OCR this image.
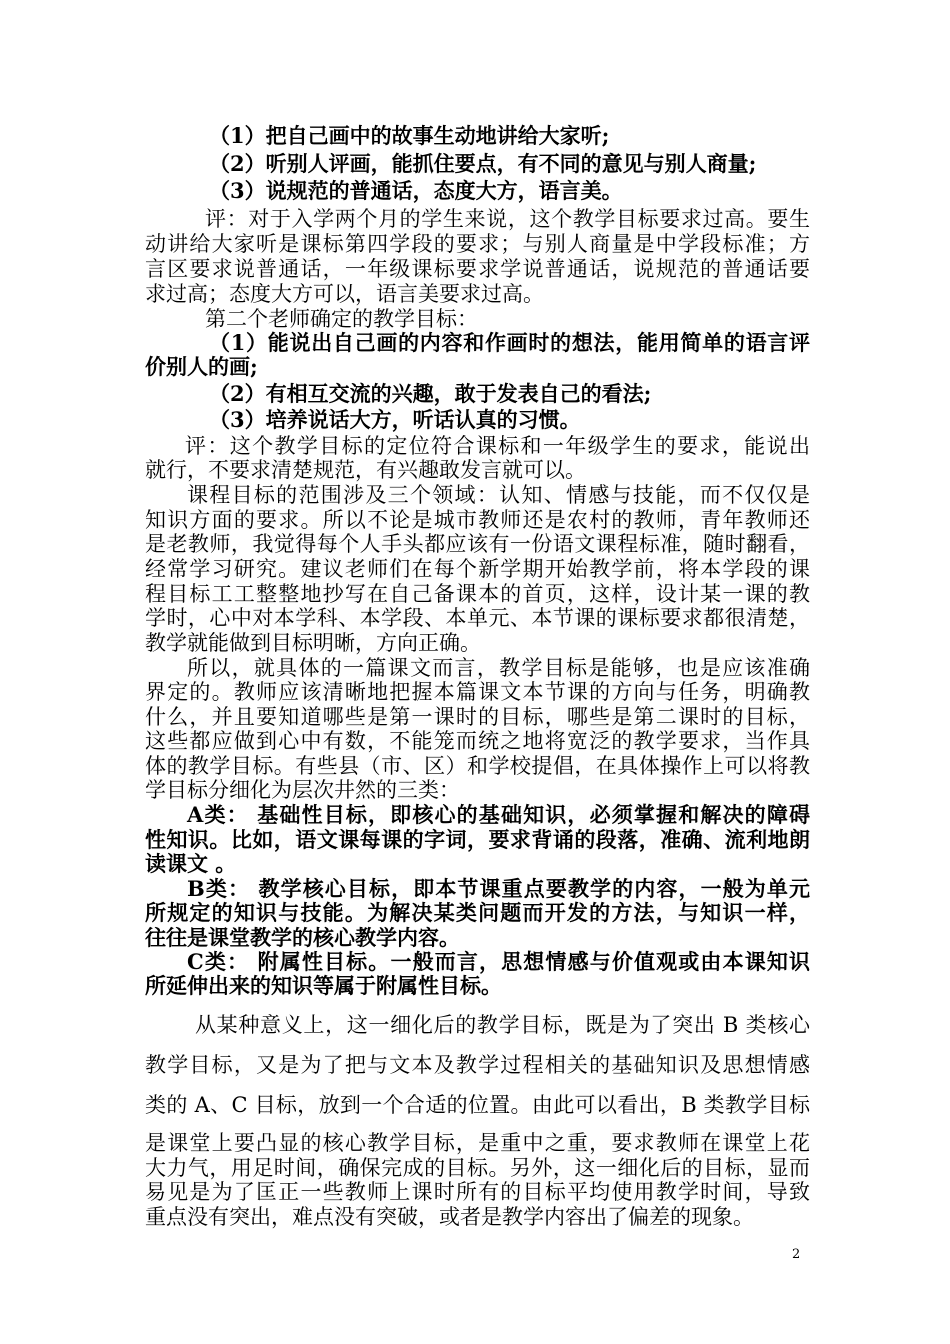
2
（1）把自己画中的故事生动地讲给大家听;
（2）听别人评画，能抓住要点，有不同的意见与别人商量;
（3）说规范的普通话，态度大方，语言美。
评：对于入学两个月的学生来说，这个教学目标要求过高。要生
动讲给大家听是课标第四学段的要求；与别人商量是中学段标准；方
言区要求说普通话，一年级课标要求学说普通话，说规范的普通话要
求过高；态度大方可以，语言美要求过高。
第二个老师确定的教学目标：
（1）能说出自己画的内容和作画时的想法，能用简单的语言评
价别人的画;
（2）有相互交流的兴趣，敢于发表自己的看法;
（3）培养说话大方，听话认真的习惯。
评：这个教学目标的定位符合课标和一年级学生的要求，能说出
就行，不要求清楚规范，有兴趣敢发言就可以。
课程目标的范围涉及三个领域：认知、情感与技能，而不仅仅是
知识方面的要求。所以不论是城市教师还是农村的教师，青年教师还
是老教师，我觉得每个人手头都应该有一份语文课程标准，随时翻看，
经常学习研究。建议老师们在每个新学期开始教学前，将本学段的课
程目标工工整整地抄写在自己备课本的首页，这样，设计某一课的教
学时，心中对本学科、本学段、本单元、本节课的课标要求都很清楚，
教学就能做到目标明晰，方向正确。
所以，就具体的一篇课文而言，教学目标是能够，也是应该准确
界定的。教师应该清晰地把握本篇课文本节课的方向与任务，明确教
什么，并且要知道哪些是第一课时的目标，哪些是第二课时的目标，
这些都应做到心中有数，不能笼而统之地将宽泛的教学要求，当作具
体的教学目标。有些县（市、区）和学校提倡，在具体操作上可以将教
学目标分细化为层次井然的三类：
A类： 基础性目标，即核心的基础知识，必须掌握和解决的障碍
性知识。比如，语文课每课的字词，要求背诵的段落，准确、流利地朗
读课文 。
B类： 教学核心目标，即本节课重点要教学的内容，一般为单元
所规定的知识与技能。为解决某类问题而开发的方法，与知识一样，
往往是课堂教学的核心教学内容。
C类： 附属性目标。一般而言，思想情感与价值观或由本课知识
所延伸出来的知识等属于附属性目标。
从某种意义上，这一细化后的教学目标，既是为了突出 B 类核心
教学目标，又是为了把与文本及教学过程相关的基础知识及思想情感
类的 A、C 目标，放到一个合适的位置。由此可以看出，B 类教学目标
是课堂上要凸显的核心教学目标，是重中之重，要求教师在课堂上花
大力气，用足时间，确保完成的目标。另外，这一细化后的目标，显而
易见是为了匡正一些教师上课时所有的目标平均使用教学时间，导致
重点没有突出，难点没有突破，或者是教学内容出了偏差的现象。
